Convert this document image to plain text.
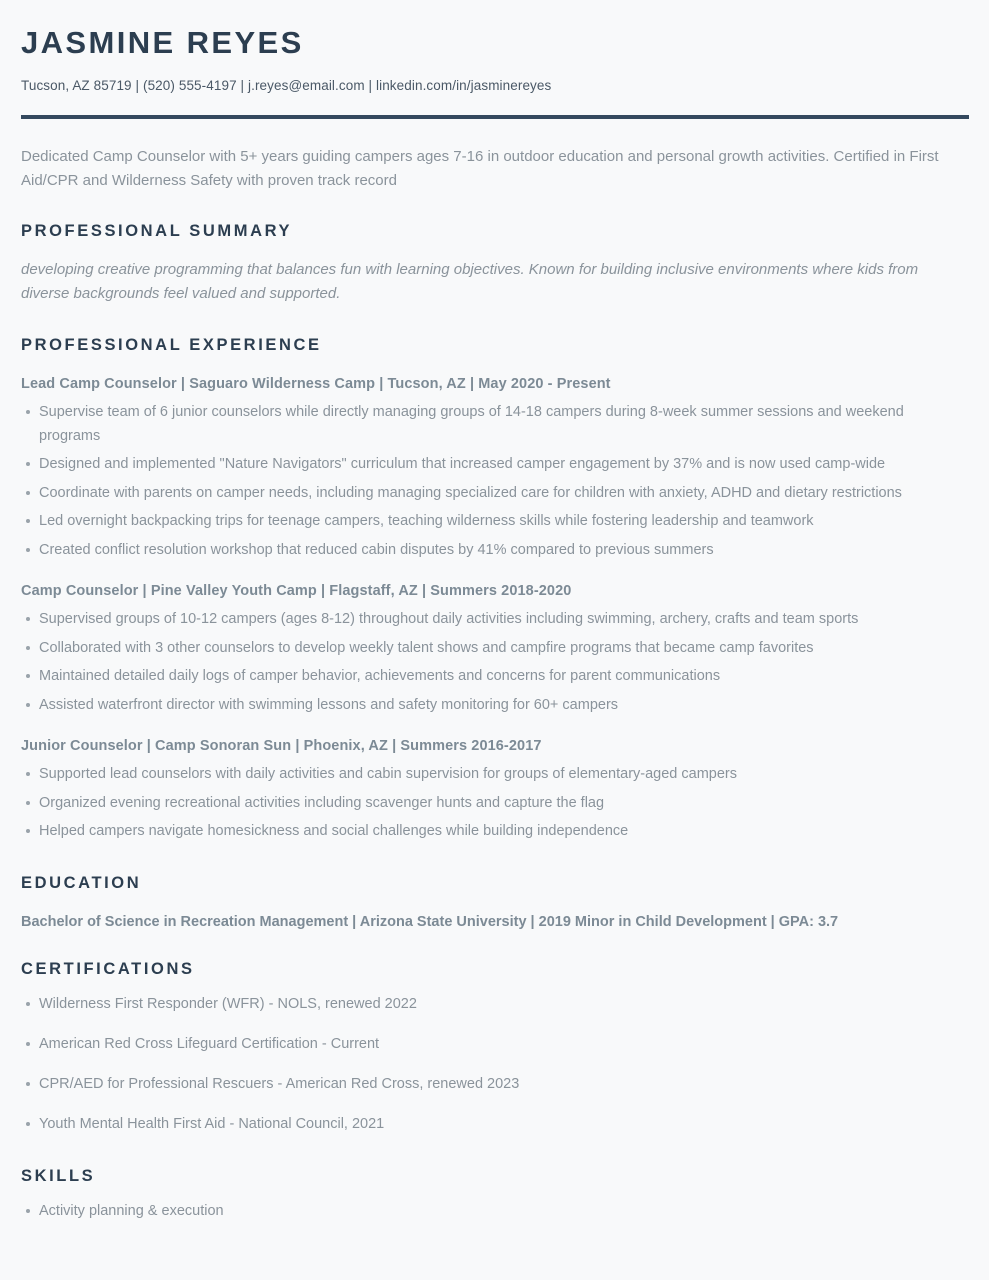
JASMINE REYES
Tucson, AZ 85719 | (520) 555-4197 | j.reyes@email.com | linkedin.com/in/jasminereyes
Dedicated Camp Counselor with 5+ years guiding campers ages 7-16 in outdoor education and personal growth activities. Certified in First Aid/CPR and Wilderness Safety with proven track record
PROFESSIONAL SUMMARY
developing creative programming that balances fun with learning objectives. Known for building inclusive environments where kids from diverse backgrounds feel valued and supported.
PROFESSIONAL EXPERIENCE
Lead Camp Counselor | Saguaro Wilderness Camp | Tucson, AZ | May 2020 - Present
Supervise team of 6 junior counselors while directly managing groups of 14-18 campers during 8-week summer sessions and weekend programs
Designed and implemented "Nature Navigators" curriculum that increased camper engagement by 37% and is now used camp-wide
Coordinate with parents on camper needs, including managing specialized care for children with anxiety, ADHD and dietary restrictions
Led overnight backpacking trips for teenage campers, teaching wilderness skills while fostering leadership and teamwork
Created conflict resolution workshop that reduced cabin disputes by 41% compared to previous summers
Camp Counselor | Pine Valley Youth Camp | Flagstaff, AZ | Summers 2018-2020
Supervised groups of 10-12 campers (ages 8-12) throughout daily activities including swimming, archery, crafts and team sports
Collaborated with 3 other counselors to develop weekly talent shows and campfire programs that became camp favorites
Maintained detailed daily logs of camper behavior, achievements and concerns for parent communications
Assisted waterfront director with swimming lessons and safety monitoring for 60+ campers
Junior Counselor | Camp Sonoran Sun | Phoenix, AZ | Summers 2016-2017
Supported lead counselors with daily activities and cabin supervision for groups of elementary-aged campers
Organized evening recreational activities including scavenger hunts and capture the flag
Helped campers navigate homesickness and social challenges while building independence
EDUCATION
Bachelor of Science in Recreation Management | Arizona State University | 2019 Minor in Child Development | GPA: 3.7
CERTIFICATIONS
Wilderness First Responder (WFR) - NOLS, renewed 2022
American Red Cross Lifeguard Certification - Current
CPR/AED for Professional Rescuers - American Red Cross, renewed 2023
Youth Mental Health First Aid - National Council, 2021
SKILLS
Activity planning & execution
